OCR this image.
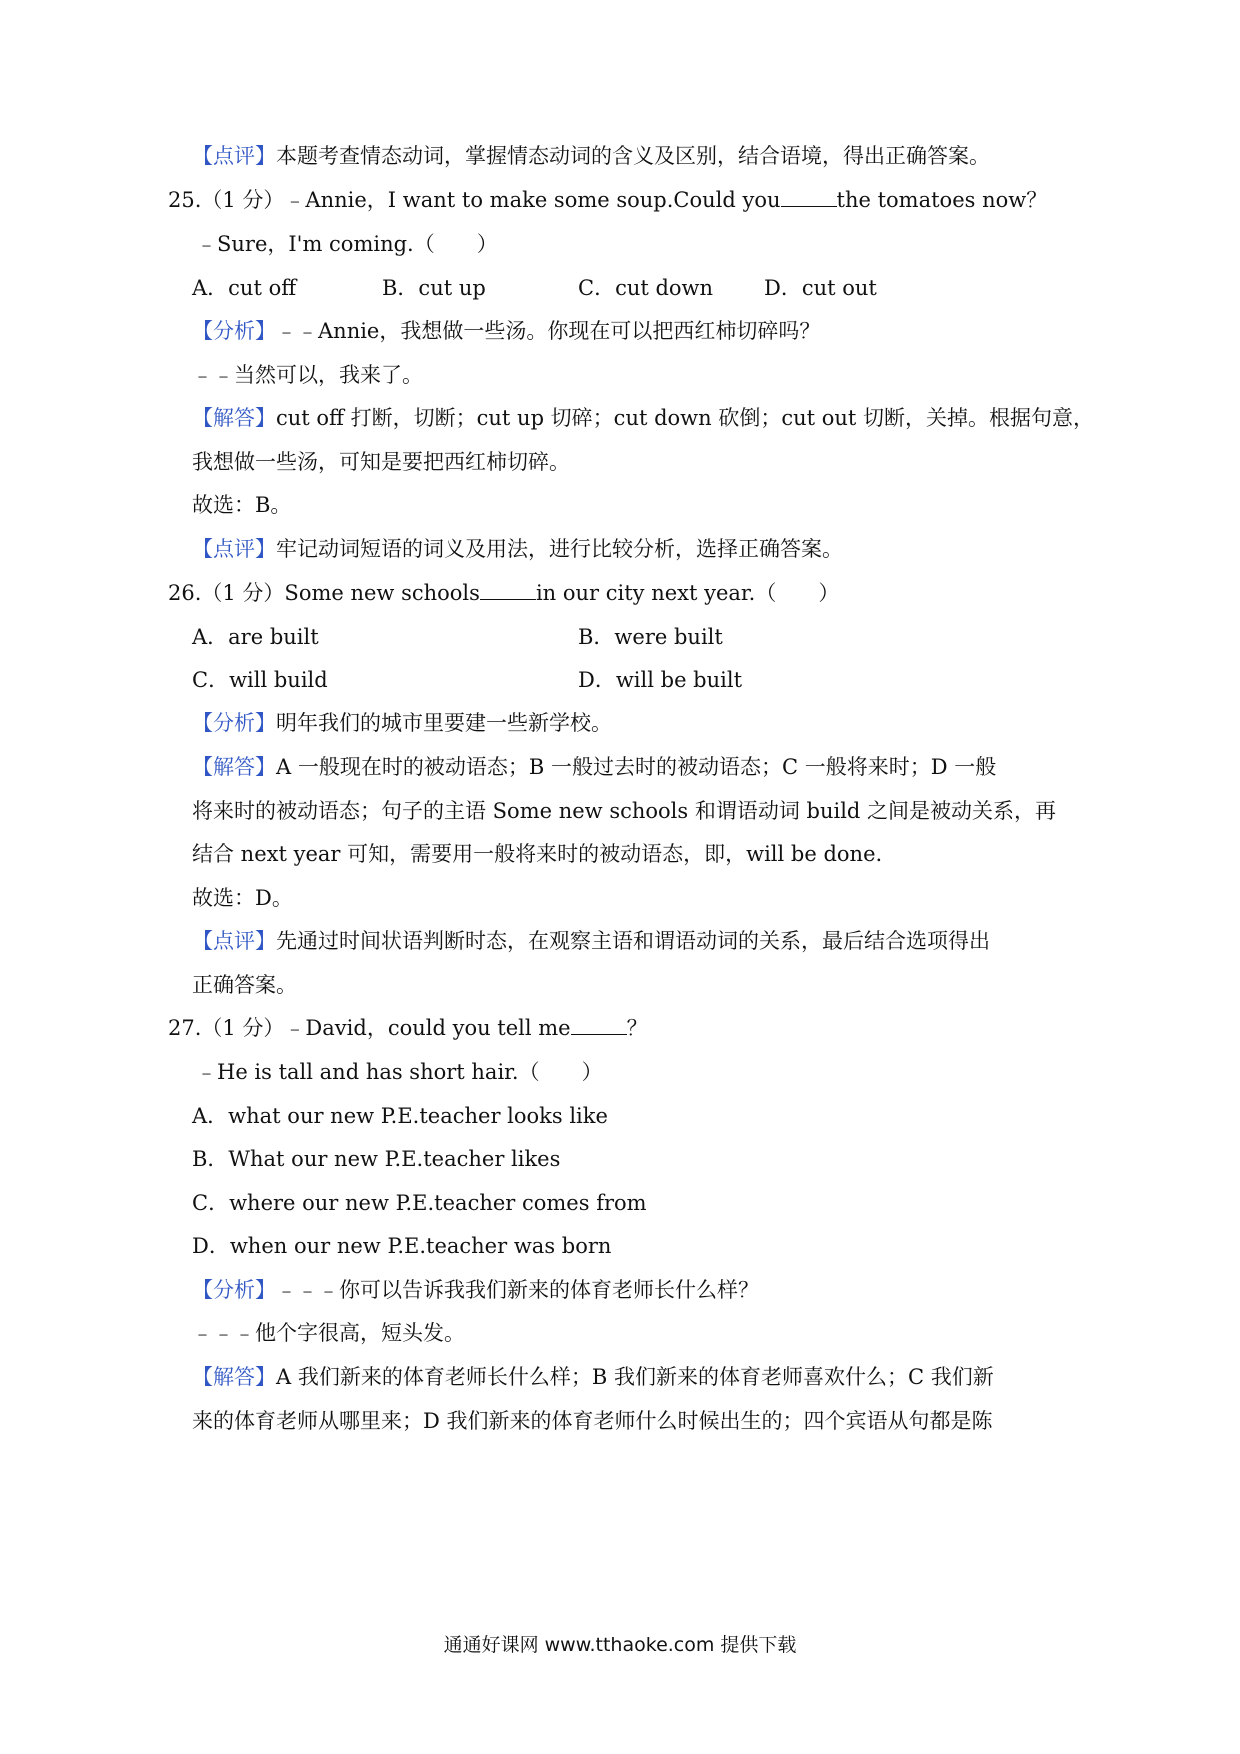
【点评】本题考查情态动词，掌握情态动词的含义及区别，结合语境，得出正确答案。
25.（1 分）﹣Annie，I want to make some soup.Could you	the tomatoes now？
﹣Sure，I'm coming.（　　）
A．cut off	B．cut up	C．cut down D．cut out
【分析】﹣﹣Annie，我想做一些汤。你现在可以把西红柿切碎吗？
﹣﹣当然可以，我来了。
【解答】cut off 打断，切断；cut up 切碎；cut down 砍倒；cut out 切断，关掉。根据句意，
我想做一些汤，可知是要把西红柿切碎。
故选：B。
【点评】牢记动词短语的词义及用法，进行比较分析，选择正确答案。
26.（1 分）Some new schools	in our city next year.（　　）
A．are built	B．were built
C．will build	D．will be built
【分析】明年我们的城市里要建一些新学校。
【解答】A 一般现在时的被动语态；B 一般过去时的被动语态；C 一般将来时；D 一般
将来时的被动语态；句子的主语 Some new schools 和谓语动词 build 之间是被动关系，再
结合 next year 可知，需要用一般将来时的被动语态，即，will be done.
故选：D。
【点评】先通过时间状语判断时态，在观察主语和谓语动词的关系，最后结合选项得出
正确答案。
27.（1 分）﹣David，could you tell me	？
﹣He is tall and has short hair.（　　）
A．what our new P.E.teacher looks like
B．What our new P.E.teacher likes
C．where our new P.E.teacher comes from
D．when our new P.E.teacher was born
【分析】﹣﹣﹣你可以告诉我我们新来的体育老师长什么样？
﹣﹣﹣他个字很高，短头发。
【解答】A 我们新来的体育老师长什么样；B 我们新来的体育老师喜欢什么；C 我们新
来的体育老师从哪里来；D 我们新来的体育老师什么时候出生的；四个宾语从句都是陈
通通好课网 www.tthaoke.com 提供下载
